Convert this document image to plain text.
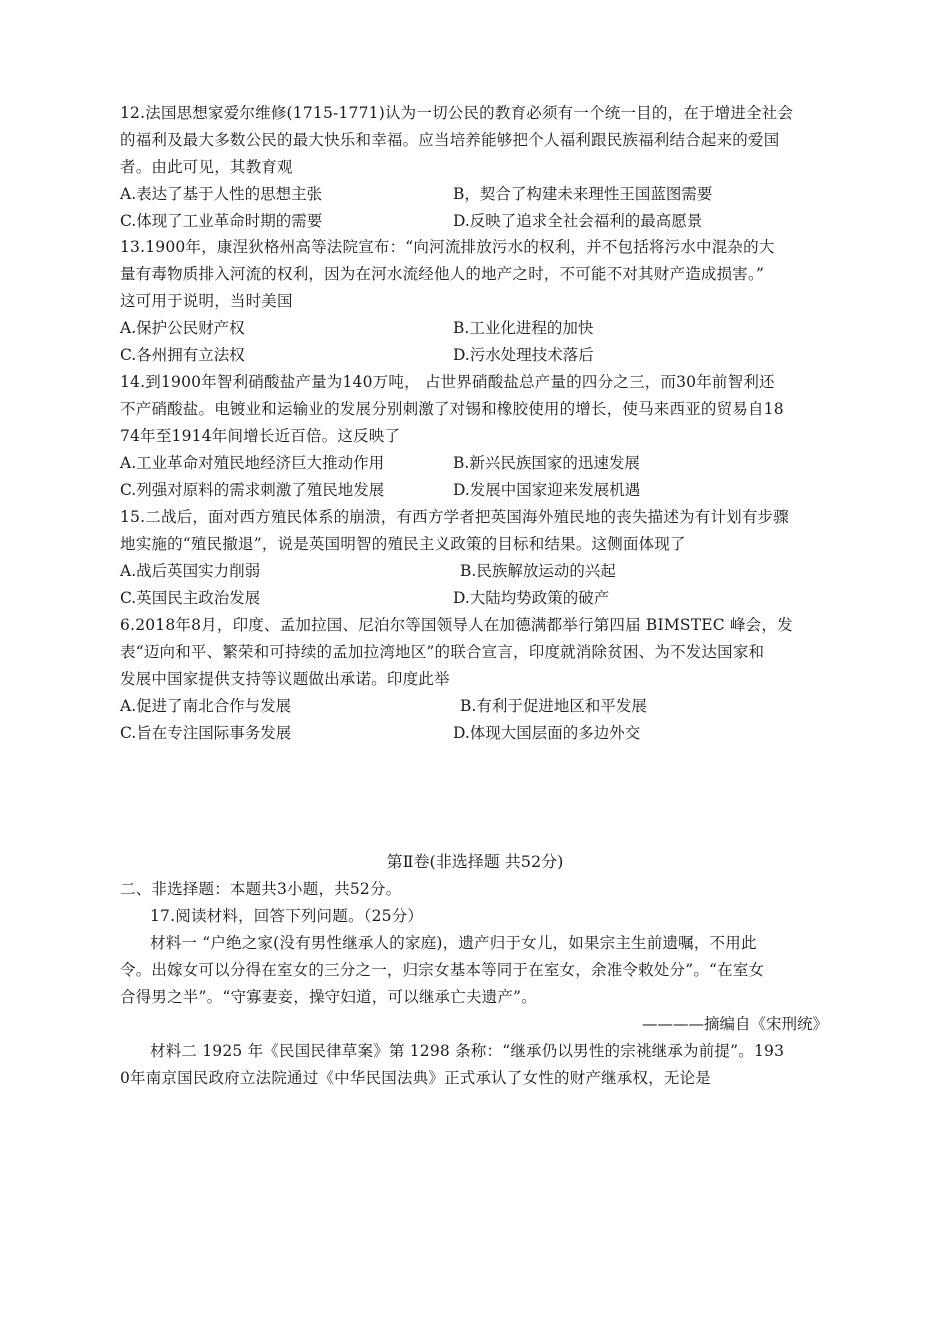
12.法国思想家爱尔维修(1715-1771)认为一切公民的教育必须有一个统一目的，在于增进全社会
的福利及最大多数公民的最大快乐和幸福。应当培养能够把个人福利跟民族福利结合起来的爱国
者。由此可见，其教育观
A.表达了基于人性的思想主张	B，契合了构建未来理性王国蓝图需要
C.体现了工业革命时期的需要	D.反映了追求全社会福利的最高愿景
13.1900年，康涅狄格州高等法院宣布：“向河流排放污水的权利，并不包括将污水中混杂的大
量有毒物质排入河流的权利，因为在河水流经他人的地产之时，不可能不对其财产造成损害。”
这可用于说明，当时美国
A.保护公民财产权	B.工业化进程的加快
C.各州拥有立法权	D.污水处理技术落后
14.到1900年智利硝酸盐产量为140万吨， 占世界硝酸盐总产量的四分之三，而30年前智利还
不产硝酸盐。电镀业和运输业的发展分别刺激了对锡和橡胶使用的增长，使马来西亚的贸易自18
74年至1914年间增长近百倍。这反映了
A.工业革命对殖民地经济巨大推动作用	B.新兴民族国家的迅速发展
C.列强对原料的需求刺激了殖民地发展	D.发展中国家迎来发展机遇
15.二战后，面对西方殖民体系的崩溃，有西方学者把英国海外殖民地的丧失描述为有计划有步骤
地实施的“殖民撤退”，说是英国明智的殖民主义政策的目标和结果。这侧面体现了
A.战后英国实力削弱	B.民族解放运动的兴起
C.英国民主政治发展	D.大陆均势政策的破产
6.2018年8月，印度、孟加拉国、尼泊尔等国领导人在加德满都举行第四届 BIMSTEC 峰会，发
表“迈向和平、繁荣和可持续的孟加拉湾地区”的联合宣言，印度就消除贫困、为不发达国家和
发展中国家提供支持等议题做出承诺。印度此举
A.促进了南北合作与发展	B.有利于促进地区和平发展
C.旨在专注国际事务发展	D.体现大国层面的多边外交
第Ⅱ卷(非选择题 共52分)
二、非选择题：本题共3小题，共52分。
17.阅读材料，回答下列问题。（25分）
材料一 “户绝之家(没有男性继承人的家庭)，遗产归于女儿，如果宗主生前遗嘱，不用此
令。出嫁女可以分得在室女的三分之一，归宗女基本等同于在室女，余准令敕处分”。“在室女
合得男之半”。“守寡妻妾，操守妇道，可以继承亡夫遗产”。
————摘编自《宋刑统》
材料二 1925 年《民国民律草案》第 1298 条称：“继承仍以男性的宗祧继承为前提”。193
0年南京国民政府立法院通过《中华民国法典》正式承认了女性的财产继承权，无论是
